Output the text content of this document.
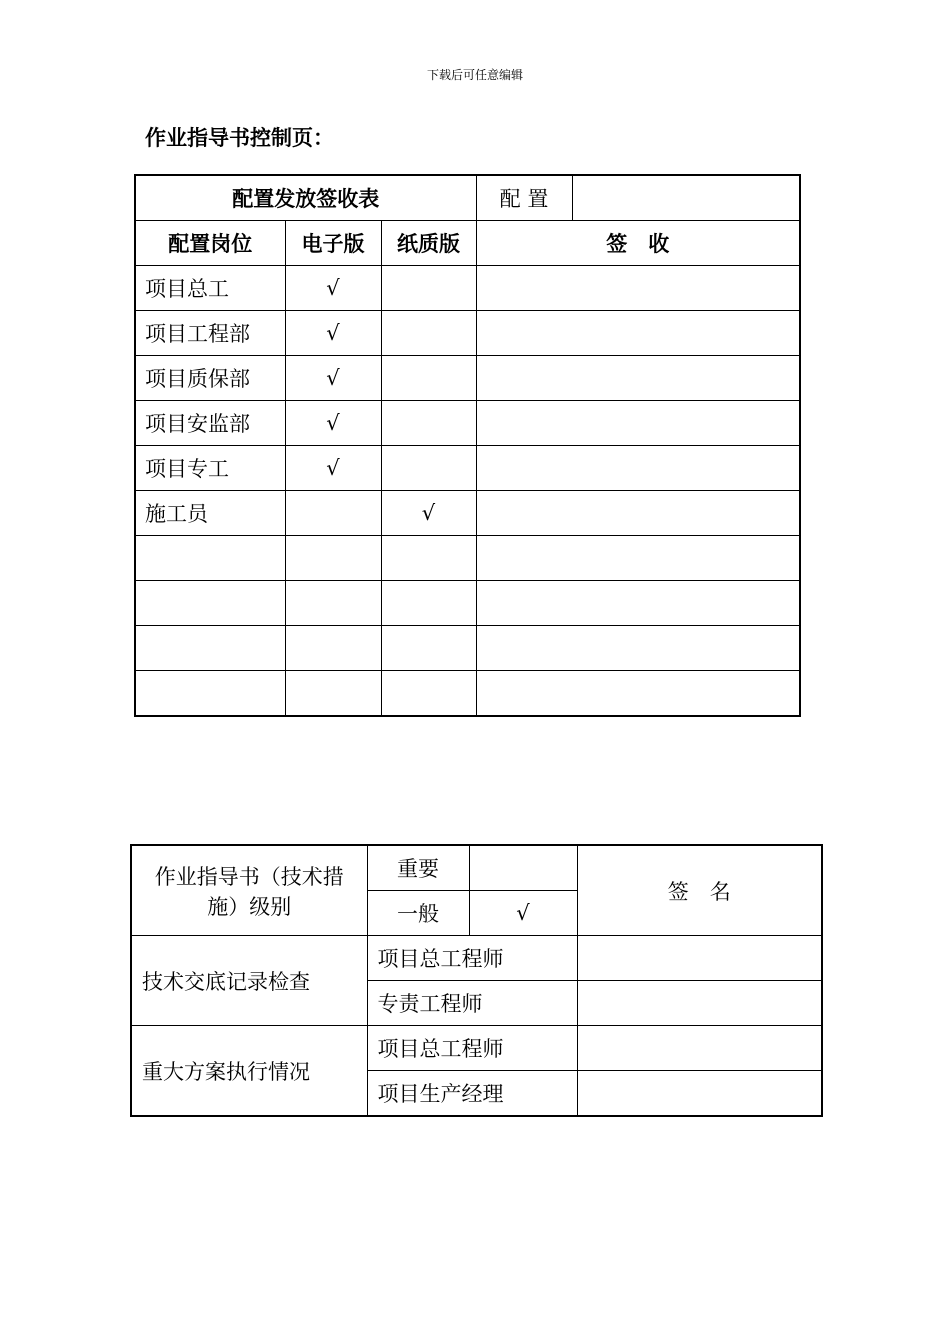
下载后可任意编辑
作业指导书控制页：
配置发放签收表			配 置	
配置岗位	电子版	纸质版	签　收	
项目总工	√			
项目工程部	√			
项目质保部	√			
项目安监部	√			
项目专工	√			
施工员		√		

作业指导书（技术措施）级别	重要		签　名
	一般	√	
技术交底记录检查	项目总工程师		
	专责工程师		
重大方案执行情况	项目总工程师		
	项目生产经理		
